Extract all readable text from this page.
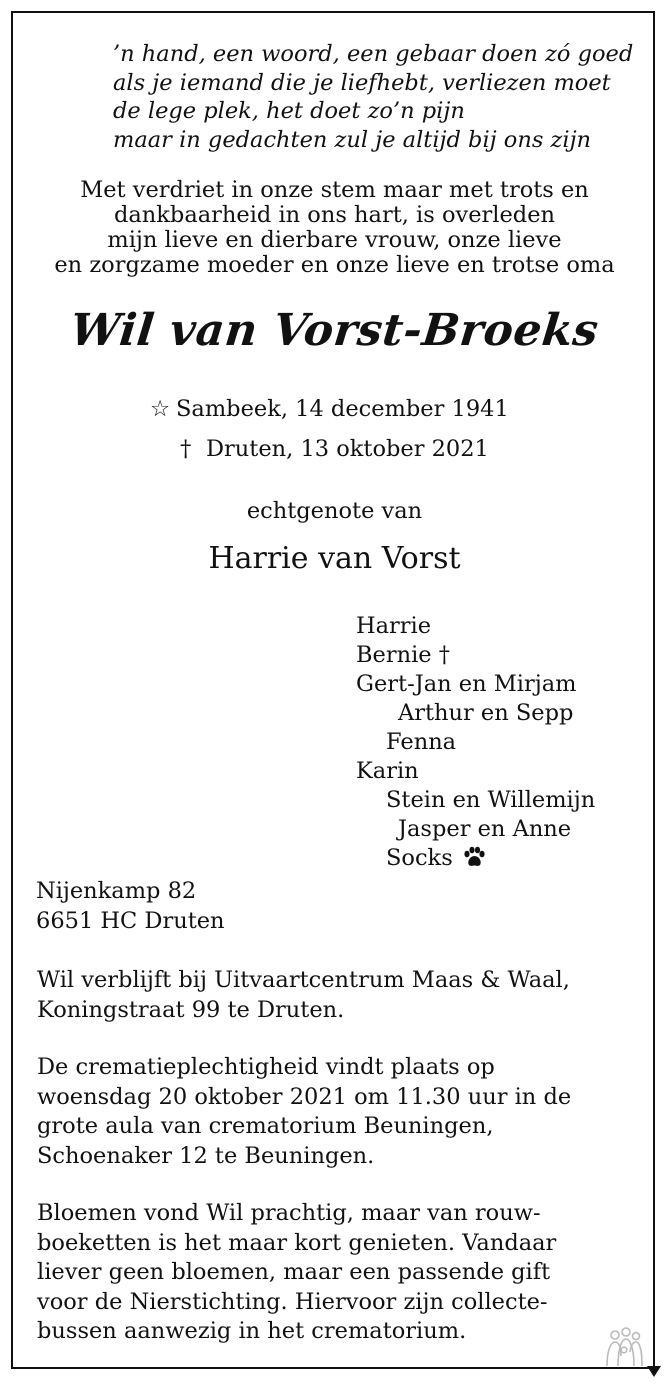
’n hand, een woord, een gebaar doen zó goed
als je iemand die je liefhebt, verliezen moet
de lege plek, het doet zo’n pijn
maar in gedachten zul je altijd bij ons zijn
Met verdriet in onze stem maar met trots en
dankbaarheid in ons hart, is overleden
mijn lieve en dierbare vrouw, onze lieve
en zorgzame moeder en onze lieve en trotse oma
Wil van Vorst-Broeks
☆ Sambeek, 14 december 1941
† Druten, 13 oktober 2021
echtgenote van
Harrie van Vorst
Harrie
Bernie †
Gert-Jan en Mirjam
Arthur en Sepp
Fenna
Karin
Stein en Willemijn
Jasper en Anne
Socks
Nijenkamp 82
6651 HC Druten
Wil verblijft bij Uitvaartcentrum Maas & Waal,
Koningstraat 99 te Druten.
De crematieplechtigheid vindt plaats op
woensdag 20 oktober 2021 om 11.30 uur in de
grote aula van crematorium Beuningen,
Schoenaker 12 te Beuningen.
Bloemen vond Wil prachtig, maar van rouw-
boeketten is het maar kort genieten. Vandaar
liever geen bloemen, maar een passende gift
voor de Nierstichting. Hiervoor zijn collecte-
bussen aanwezig in het crematorium.
